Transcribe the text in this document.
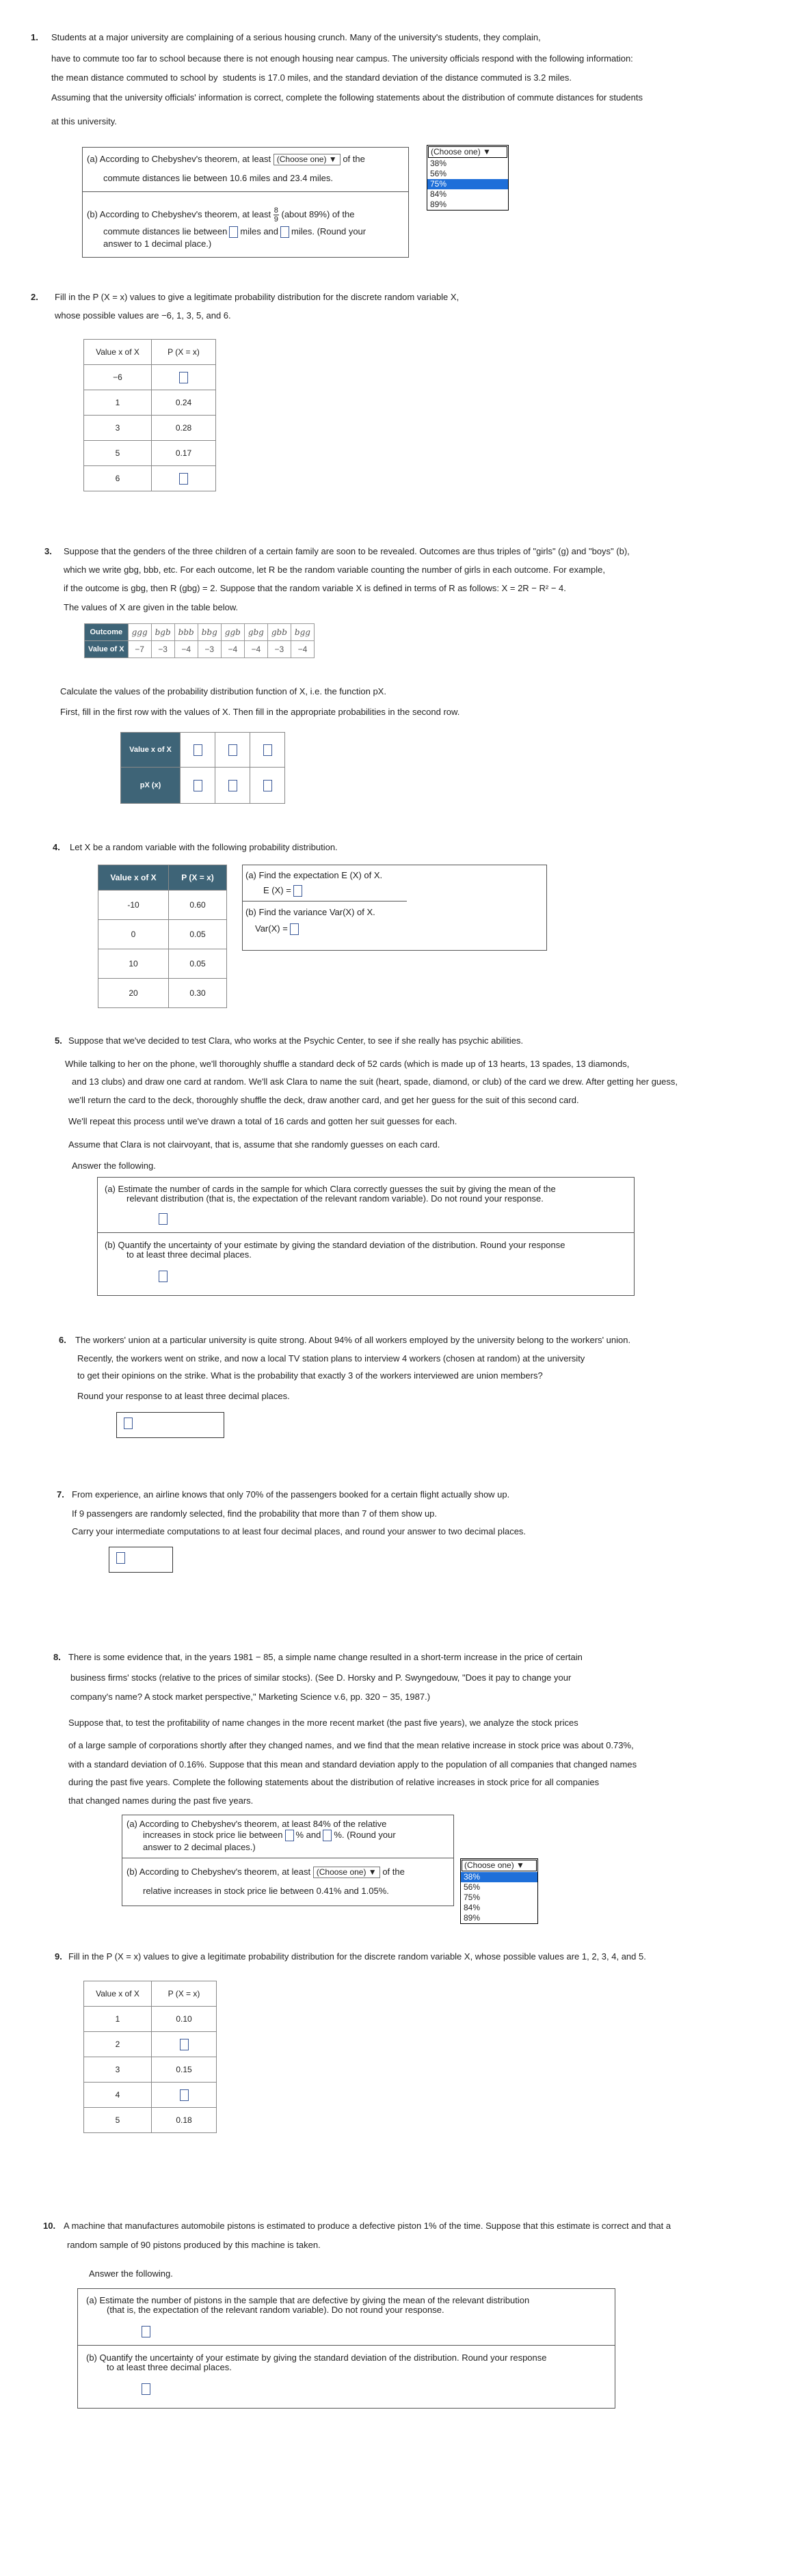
1. Students at a major university are complaining of a serious housing crunch. Many of the university's students, they complain,
have to commute too far to school because there is not enough housing near campus. The university officials respond with the following information:
the mean distance commuted to school by students is 17.0 miles, and the standard deviation of the distance commuted is 3.2 miles.
Assuming that the university officials' information is correct, complete the following statements about the distribution of commute distances for students
at this university.
(a) According to Chebyshev's theorem, at least (Choose one) ▼ of the
commute distances lie between 10.6 miles and 23.4 miles.
(b) According to Chebyshev's theorem, at least $\frac{8}{9}$ (about 89%) of the
commute distances lie between miles and miles. (Round your
answer to 1 decimal place.)
(Choose one) ▼
38%
56%
75%
84%
89%
2. Fill in the P (X = x) values to give a legitimate probability distribution for the discrete random variable X,
whose possible values are −6, 1, 3, 5, and 6.
Value x of X	P (X = x)
−6	
1	0.24
3	0.28
5	0.17
6	
3. Suppose that the genders of the three children of a certain family are soon to be revealed. Outcomes are thus triples of "girls" (g) and "boys" (b),
which we write gbg, bbb, etc. For each outcome, let R be the random variable counting the number of girls in each outcome. For example,
if the outcome is gbg, then R (gbg) = 2. Suppose that the random variable X is defined in terms of R as follows: X = 2R − R² − 4.
The values of X are given in the table below.
Outcome	ggg	bgb	bbb	bbg	ggb	gbg	gbb	bgg
Value of X	−7	−3	−4	−3	−4	−4	−3	−4
Calculate the values of the probability distribution function of X, i.e. the function pX.
First, fill in the first row with the values of X. Then fill in the appropriate probabilities in the second row.
Value x of X			
pX (x)			
4. Let X be a random variable with the following probability distribution.
Value x of X	P (X = x)
-10	0.60
0	0.05
10	0.05
20	0.30
(a) Find the expectation E (X) of X.
E (X) =
(b) Find the variance Var(X) of X.
Var(X) =
5. Suppose that we've decided to test Clara, who works at the Psychic Center, to see if she really has psychic abilities.
While talking to her on the phone, we'll thoroughly shuffle a standard deck of 52 cards (which is made up of 13 hearts, 13 spades, 13 diamonds,
and 13 clubs) and draw one card at random. We'll ask Clara to name the suit (heart, spade, diamond, or club) of the card we drew. After getting her guess,
we'll return the card to the deck, thoroughly shuffle the deck, draw another card, and get her guess for the suit of this second card.
We'll repeat this process until we've drawn a total of 16 cards and gotten her suit guesses for each.
Assume that Clara is not clairvoyant, that is, assume that she randomly guesses on each card.
Answer the following.
(a) Estimate the number of cards in the sample for which Clara correctly guesses the suit by giving the mean of the
relevant distribution (that is, the expectation of the relevant random variable). Do not round your response.
(b) Quantify the uncertainty of your estimate by giving the standard deviation of the distribution. Round your response
to at least three decimal places.
6. The workers' union at a particular university is quite strong. About 94% of all workers employed by the university belong to the workers' union.
Recently, the workers went on strike, and now a local TV station plans to interview 4 workers (chosen at random) at the university
to get their opinions on the strike. What is the probability that exactly 3 of the workers interviewed are union members?
Round your response to at least three decimal places.
7. From experience, an airline knows that only 70% of the passengers booked for a certain flight actually show up.
If 9 passengers are randomly selected, find the probability that more than 7 of them show up.
Carry your intermediate computations to at least four decimal places, and round your answer to two decimal places.
8. There is some evidence that, in the years 1981 − 85, a simple name change resulted in a short-term increase in the price of certain
business firms' stocks (relative to the prices of similar stocks). (See D. Horsky and P. Swyngedouw, "Does it pay to change your
company's name? A stock market perspective," Marketing Science v.6, pp. 320 − 35, 1987.)
Suppose that, to test the profitability of name changes in the more recent market (the past five years), we analyze the stock prices
of a large sample of corporations shortly after they changed names, and we find that the mean relative increase in stock price was about 0.73%,
with a standard deviation of 0.16%. Suppose that this mean and standard deviation apply to the population of all companies that changed names
during the past five years. Complete the following statements about the distribution of relative increases in stock price for all companies
that changed names during the past five years.
(a) According to Chebyshev's theorem, at least 84% of the relative
increases in stock price lie between % and %. (Round your
answer to 2 decimal places.)
(b) According to Chebyshev's theorem, at least (Choose one) ▼ of the
relative increases in stock price lie between 0.41% and 1.05%.
(Choose one) ▼
38%
56%
75%
84%
89%
9. Fill in the P (X = x) values to give a legitimate probability distribution for the discrete random variable X, whose possible values are 1, 2, 3, 4, and 5.
Value x of X	P (X = x)
1	0.10
2	
3	0.15
4	
5	0.18
10. A machine that manufactures automobile pistons is estimated to produce a defective piston 1% of the time. Suppose that this estimate is correct and that a
random sample of 90 pistons produced by this machine is taken.
Answer the following.
(a) Estimate the number of pistons in the sample that are defective by giving the mean of the relevant distribution
(that is, the expectation of the relevant random variable). Do not round your response.
(b) Quantify the uncertainty of your estimate by giving the standard deviation of the distribution. Round your response
to at least three decimal places.
